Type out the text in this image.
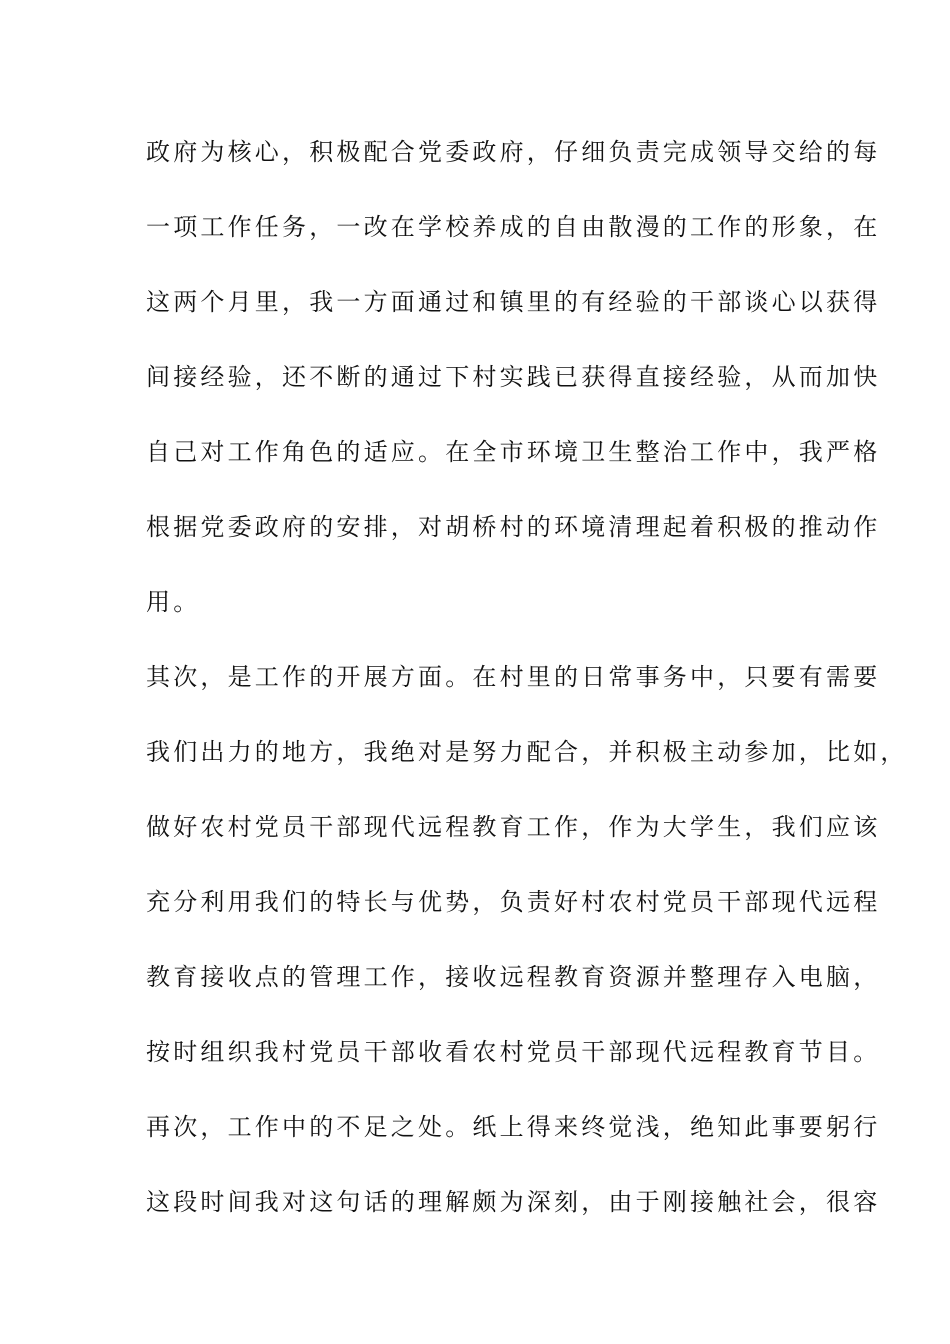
政府为核心，积极配合党委政府，仔细负责完成领导交给的每
一项工作任务，一改在学校养成的自由散漫的工作的形象，在
这两个月里，我一方面通过和镇里的有经验的干部谈心以获得
间接经验，还不断的通过下村实践已获得直接经验，从而加快
自己对工作角色的适应。在全市环境卫生整治工作中，我严格
根据党委政府的安排，对胡桥村的环境清理起着积极的推动作
用。
其次，是工作的开展方面。在村里的日常事务中，只要有需要
我们出力的地方，我绝对是努力配合，并积极主动参加，比如，
做好农村党员干部现代远程教育工作，作为大学生，我们应该
充分利用我们的特长与优势，负责好村农村党员干部现代远程
教育接收点的管理工作，接收远程教育资源并整理存入电脑，
按时组织我村党员干部收看农村党员干部现代远程教育节目。
再次，工作中的不足之处。纸上得来终觉浅，绝知此事要躬行
这段时间我对这句话的理解颇为深刻，由于刚接触社会，很容
